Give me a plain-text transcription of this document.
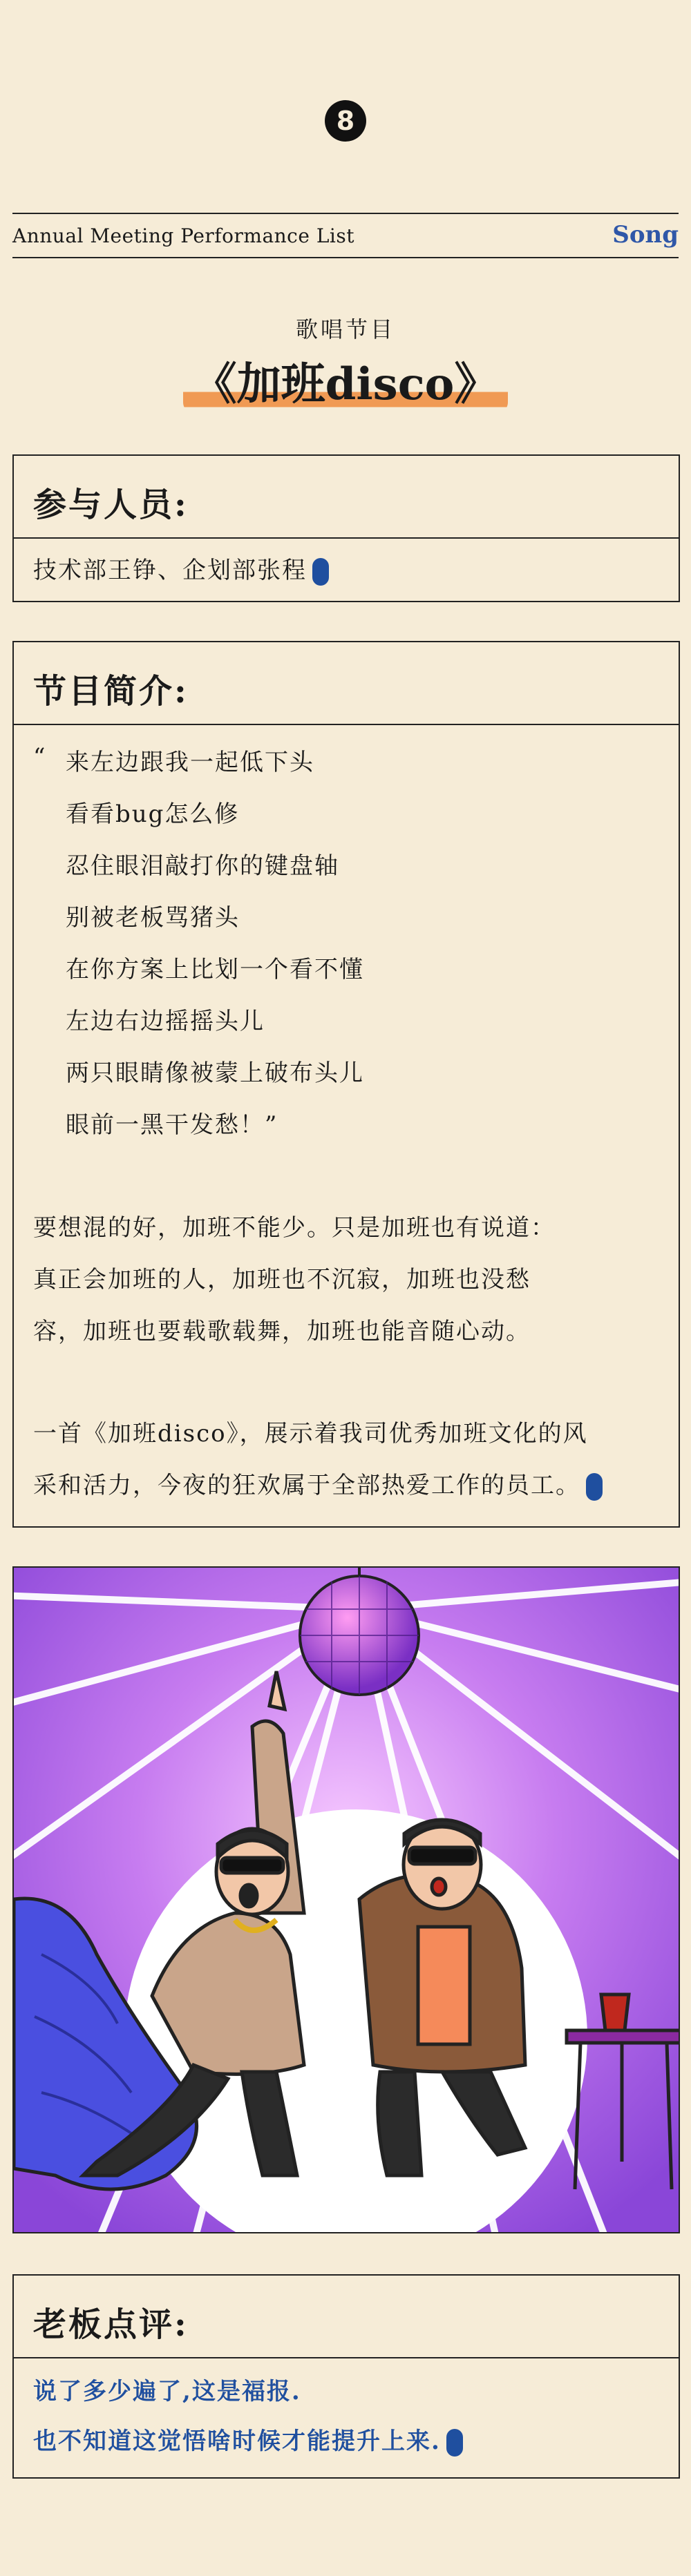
8
Annual Meeting Performance List	Song
歌唱节目
《加班disco》
参与人员:
技术部王铮、企划部张程
节目简介:
“ 来左边跟我一起低下头
看看bug怎么修
忍住眼泪敲打你的键盘轴
别被老板骂猪头
在你方案上比划一个看不懂
左边右边摇摇头儿
两只眼睛像被蒙上破布头儿
眼前一黑干发愁！”
要想混的好，加班不能少。只是加班也有说道：
真正会加班的人，加班也不沉寂，加班也没愁
容，加班也要载歌载舞，加班也能音随心动。
一首《加班disco》，展示着我司优秀加班文化的风
采和活力，今夜的狂欢属于全部热爱工作的员工。
老板点评:
说了多少遍了,这是福报.
也不知道这觉悟啥时候才能提升上来.
